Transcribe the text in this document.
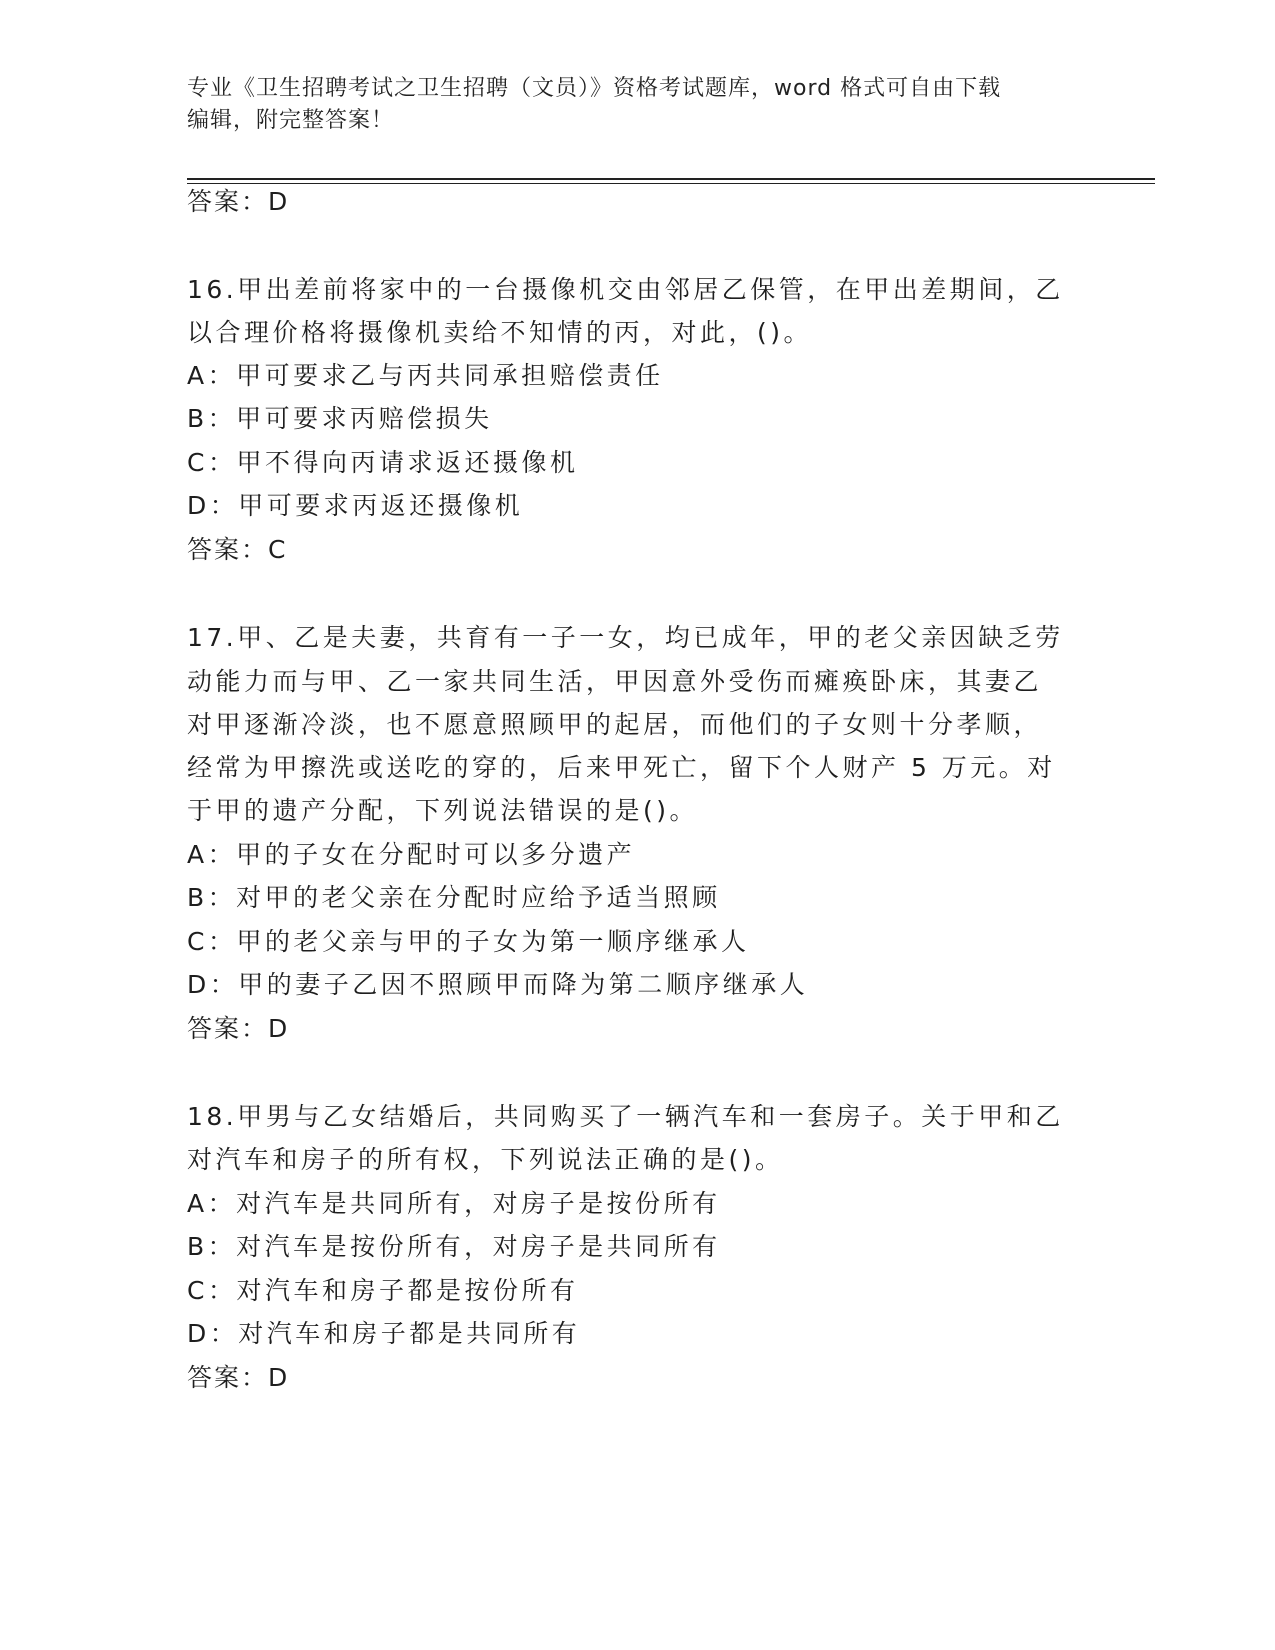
专业《卫生招聘考试之卫生招聘（文员）》资格考试题库，word 格式可自由下载
编辑，附完整答案！
答案：D
16.甲出差前将家中的一台摄像机交由邻居乙保管，在甲出差期间，乙
以合理价格将摄像机卖给不知情的丙，对此，()。
A：甲可要求乙与丙共同承担赔偿责任
B：甲可要求丙赔偿损失
C：甲不得向丙请求返还摄像机
D：甲可要求丙返还摄像机
答案：C
17.甲、乙是夫妻，共育有一子一女，均已成年，甲的老父亲因缺乏劳
动能力而与甲、乙一家共同生活，甲因意外受伤而瘫痪卧床，其妻乙
对甲逐渐冷淡，也不愿意照顾甲的起居，而他们的子女则十分孝顺，
经常为甲擦洗或送吃的穿的，后来甲死亡，留下个人财产 5 万元。对
于甲的遗产分配，下列说法错误的是()。
A：甲的子女在分配时可以多分遗产
B：对甲的老父亲在分配时应给予适当照顾
C：甲的老父亲与甲的子女为第一顺序继承人
D：甲的妻子乙因不照顾甲而降为第二顺序继承人
答案：D
18.甲男与乙女结婚后，共同购买了一辆汽车和一套房子。关于甲和乙
对汽车和房子的所有权，下列说法正确的是()。
A：对汽车是共同所有，对房子是按份所有
B：对汽车是按份所有，对房子是共同所有
C：对汽车和房子都是按份所有
D：对汽车和房子都是共同所有
答案：D
